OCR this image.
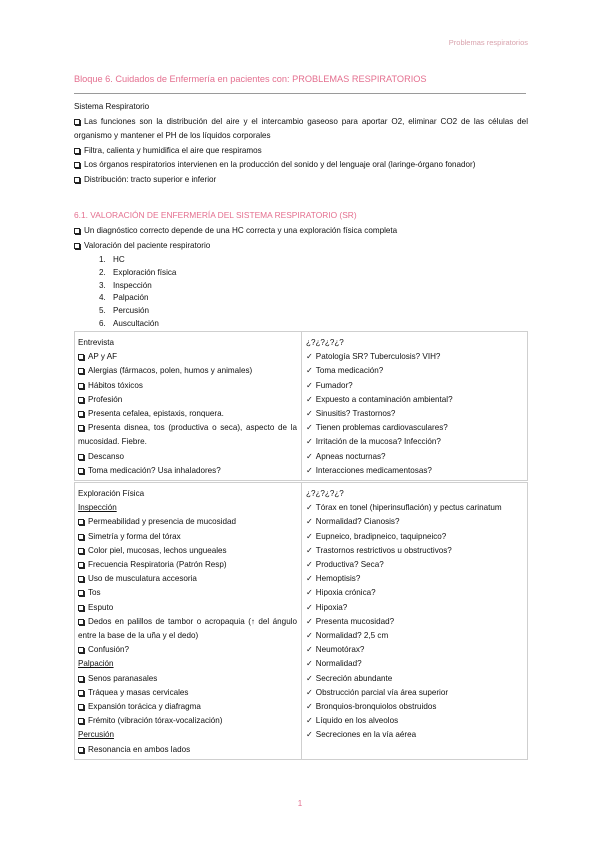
Problemas respiratorios
Bloque 6. Cuidados de Enfermería en pacientes con: PROBLEMAS RESPIRATORIOS
Sistema Respiratorio
Las funciones son la distribución del aire y el intercambio gaseoso para aportar O2, eliminar CO2 de las células del organismo y mantener el PH de los líquidos corporales
Filtra, calienta y humidifica el aire que respiramos
Los órganos respiratorios intervienen en la producción del sonido y del lenguaje oral (laringe-órgano fonador)
Distribución: tracto superior e inferior
6.1. VALORACIÓN DE ENFERMERÍA DEL SISTEMA RESPIRATORIO (SR)
Un diagnóstico correcto depende de una HC correcta y una exploración física completa
Valoración del paciente respiratorio
1. HC
2. Exploración física
3. Inspección
4. Palpación
5. Percusión
6. Auscultación
Entrevista
AP y AF
Alergias (fármacos, polen, humos y animales)
Hábitos tóxicos
Profesión
Presenta cefalea, epistaxis, ronquera.
Presenta disnea, tos (productiva o seca), aspecto de la mucosidad. Fiebre.
Descanso
Toma medicación? Usa inhaladores?
¿?¿?¿?¿?
✓ Patología SR? Tuberculosis? VIH?
✓ Toma medicación?
✓ Fumador?
✓ Expuesto a contaminación ambiental?
✓ Sinusitis? Trastornos?
✓ Tienen problemas cardiovasculares?
✓ Irritación de la mucosa? Infección?
✓ Apneas nocturnas?
✓ Interacciones medicamentosas?
Exploración Física
Inspección
Permeabilidad y presencia de mucosidad
Simetría y forma del tórax
Color piel, mucosas, lechos ungueales
Frecuencia Respiratoria (Patrón Resp)
Uso de musculatura accesoria
Tos
Esputo
Dedos en palillos de tambor o acropaquia (↑ del ángulo entre la base de la uña y el dedo)
Confusión?
Palpación
Senos paranasales
Tráquea y masas cervicales
Expansión torácica y diafragma
Frémito (vibración tórax-vocalización)
Percusión
Resonancia en ambos lados
¿?¿?¿?¿?
✓ Tórax en tonel (hiperinsuflación) y pectus carinatum
✓ Normalidad? Cianosis?
✓ Eupneico, bradipneico, taquipneico?
✓ Trastornos restrictivos u obstructivos?
✓ Productiva? Seca?
✓ Hemoptisis?
✓ Hipoxia crónica?
✓ Hipoxia?
✓ Presenta mucosidad?
✓ Normalidad? 2,5 cm
✓ Neumotórax?
✓ Normalidad?
✓ Secreción abundante
✓ Obstrucción parcial vía área superior
✓ Bronquios-bronquiolos obstruidos
✓ Líquido en los alveolos
✓ Secreciones en la vía aérea
1
